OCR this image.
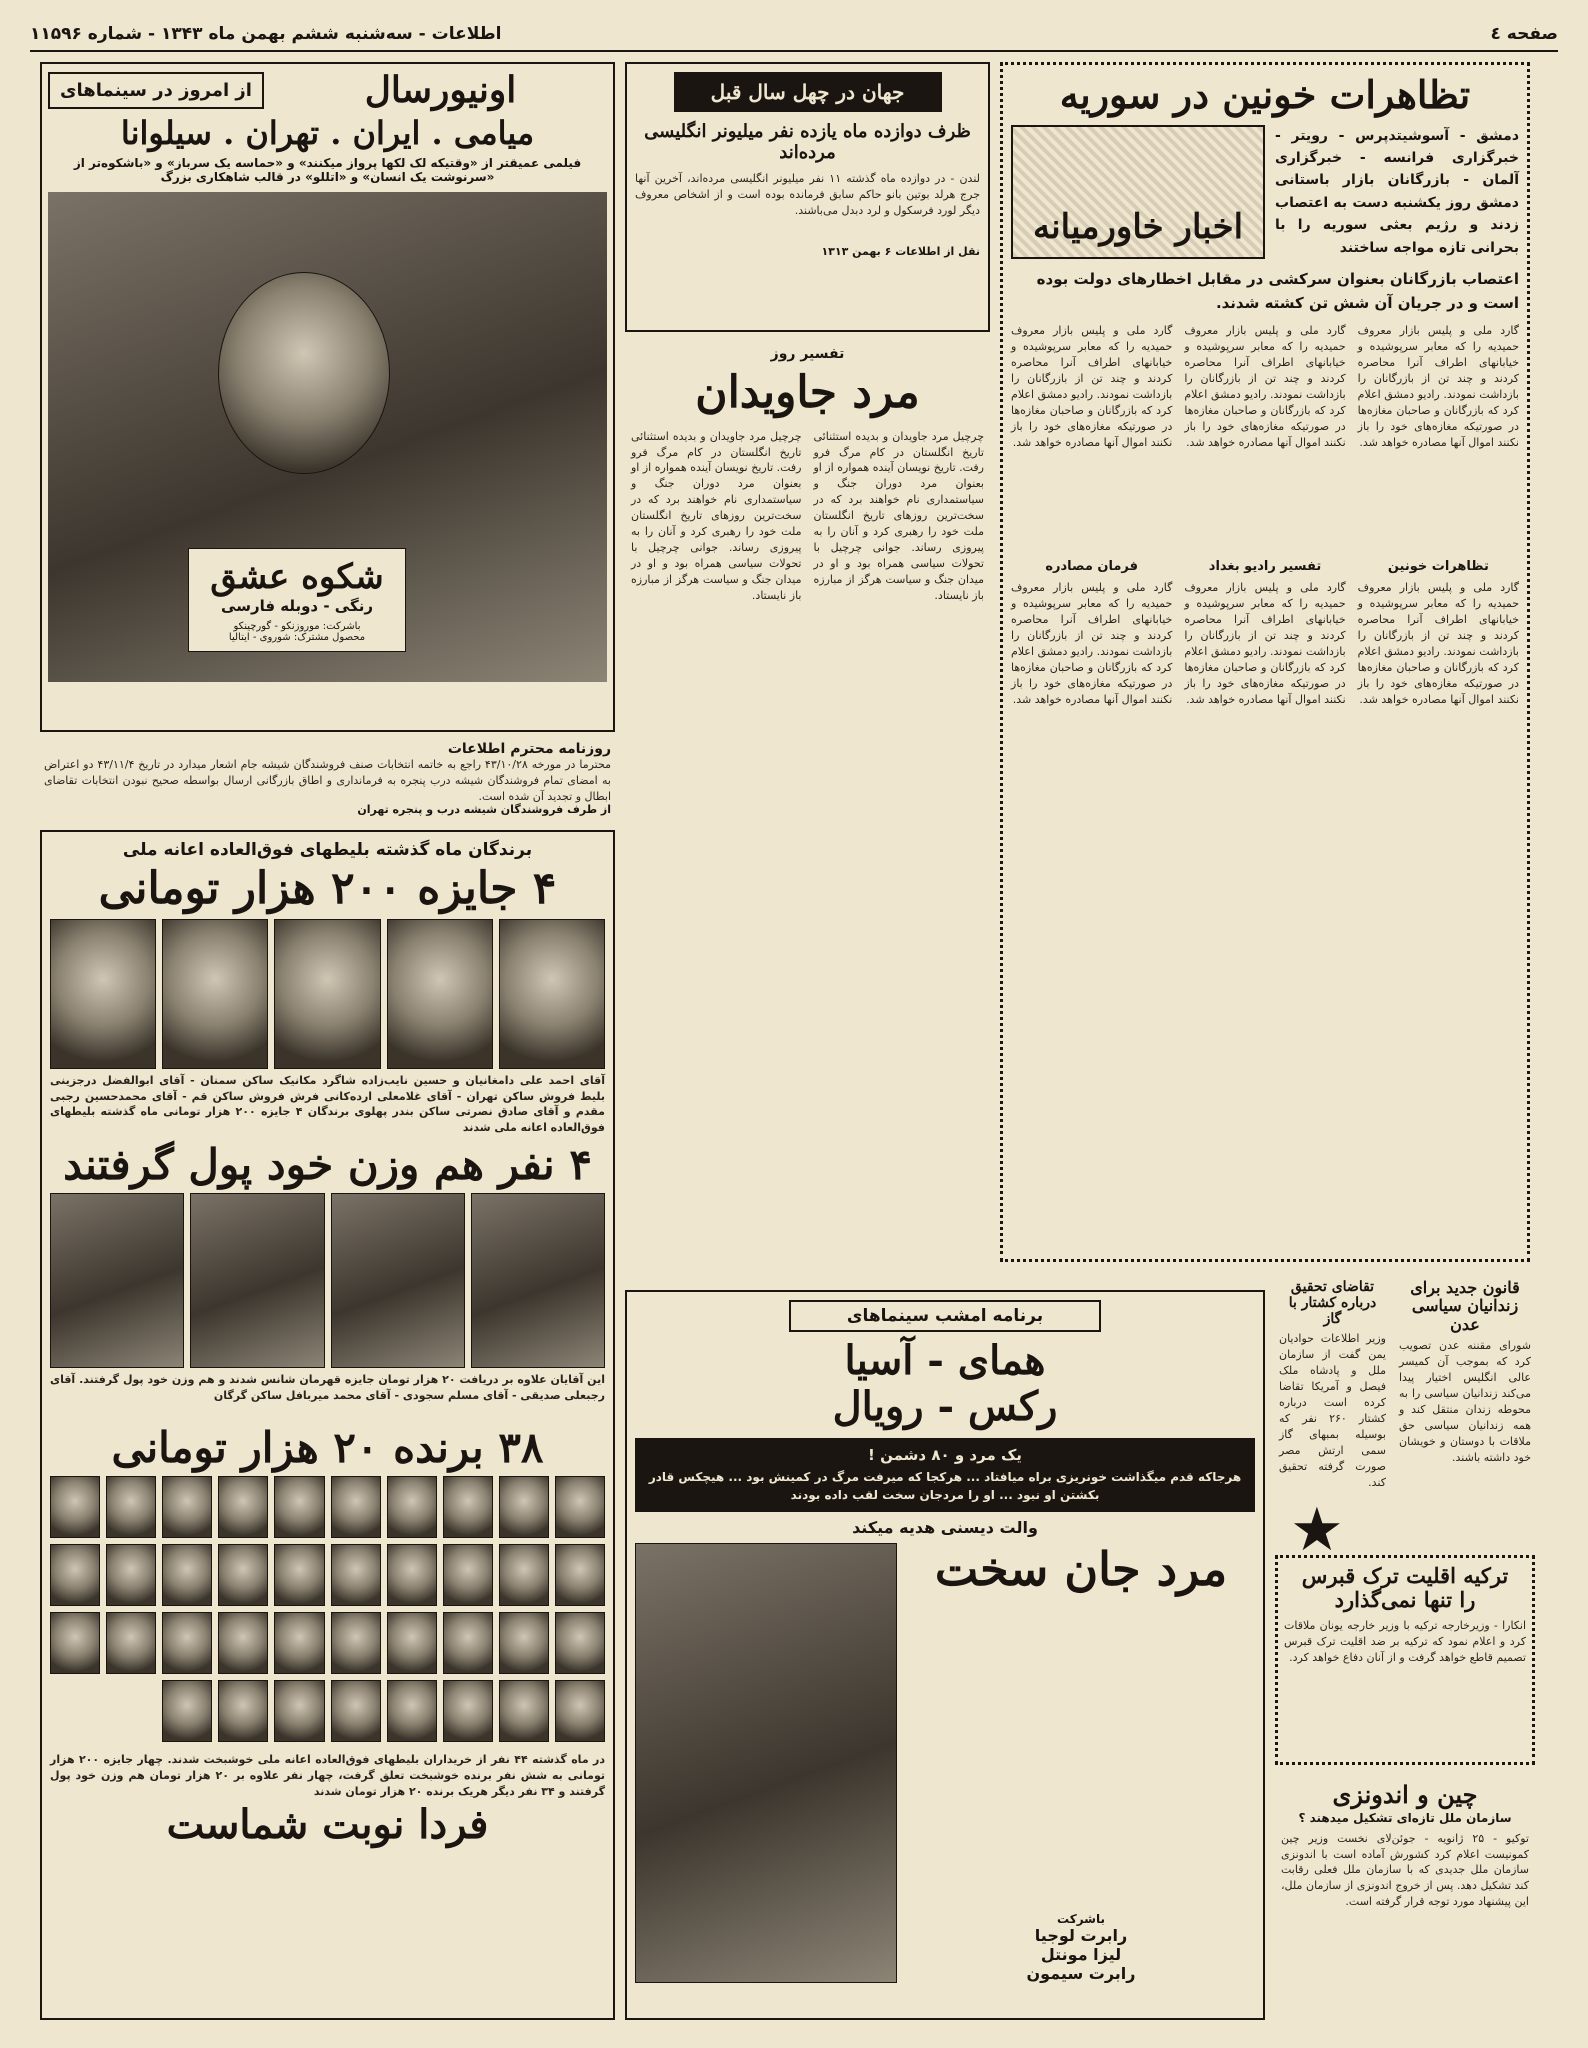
صفحه ٤
اطلاعات - سه‌شنبه ششم بهمن ماه ۱۳۴۳ - شماره ۱۱۵۹۶
تظاهرات خونین در سوریه
دمشق - آسوشیتدپرس - رویتر - خبرگزاری فرانسه - خبرگزاری آلمان - بازرگانان بازار باستانی دمشق روز یکشنبه دست به اعتصاب زدند و رژیم بعثی سوریه را با بحرانی تازه مواجه ساختند
اخبار خاورمیانه
اعتصاب بازرگانان بعنوان سرکشی در مقابل اخطارهای دولت بوده است و در جریان آن شش تن کشته شدند.
گارد ملی و پلیس بازار معروف حمیدیه را که معابر سرپوشیده و خیابانهای اطراف آنرا محاصره کردند و چند تن از بازرگانان را بازداشت نمودند. رادیو دمشق اعلام کرد که بازرگانان و صاحبان مغازه‌ها در صورتیکه مغازه‌های خود را باز نکنند اموال آنها مصادره خواهد شد.
تظاهرات خونین
گارد ملی و پلیس بازار معروف حمیدیه را که معابر سرپوشیده و خیابانهای اطراف آنرا محاصره کردند و چند تن از بازرگانان را بازداشت نمودند. رادیو دمشق اعلام کرد که بازرگانان و صاحبان مغازه‌ها در صورتیکه مغازه‌های خود را باز نکنند اموال آنها مصادره خواهد شد.
گارد ملی و پلیس بازار معروف حمیدیه را که معابر سرپوشیده و خیابانهای اطراف آنرا محاصره کردند و چند تن از بازرگانان را بازداشت نمودند. رادیو دمشق اعلام کرد که بازرگانان و صاحبان مغازه‌ها در صورتیکه مغازه‌های خود را باز نکنند اموال آنها مصادره خواهد شد.
تفسیر رادیو بغداد
گارد ملی و پلیس بازار معروف حمیدیه را که معابر سرپوشیده و خیابانهای اطراف آنرا محاصره کردند و چند تن از بازرگانان را بازداشت نمودند. رادیو دمشق اعلام کرد که بازرگانان و صاحبان مغازه‌ها در صورتیکه مغازه‌های خود را باز نکنند اموال آنها مصادره خواهد شد.
گارد ملی و پلیس بازار معروف حمیدیه را که معابر سرپوشیده و خیابانهای اطراف آنرا محاصره کردند و چند تن از بازرگانان را بازداشت نمودند. رادیو دمشق اعلام کرد که بازرگانان و صاحبان مغازه‌ها در صورتیکه مغازه‌های خود را باز نکنند اموال آنها مصادره خواهد شد.
فرمان مصادره
گارد ملی و پلیس بازار معروف حمیدیه را که معابر سرپوشیده و خیابانهای اطراف آنرا محاصره کردند و چند تن از بازرگانان را بازداشت نمودند. رادیو دمشق اعلام کرد که بازرگانان و صاحبان مغازه‌ها در صورتیکه مغازه‌های خود را باز نکنند اموال آنها مصادره خواهد شد.
جهان در چهل سال قبل
ظرف دوازده ماه یازده نفر میلیونر انگلیسی مرده‌اند
لندن - در دوازده ماه گذشته ۱۱ نفر میلیونر انگلیسی مرده‌اند، آخرین آنها جرج هرلد بوتین بانو حاکم سابق فرمانده بوده است و از اشخاص معروف دیگر لورد فرسکول و لرد دبدل می‌باشند.
نقل از اطلاعات ۶ بهمن ۱۳۱۳
تفسیر روز
مرد جاویدان
چرچیل مرد جاویدان و بدیده استثنائی تاریخ انگلستان در کام مرگ فرو رفت. تاریخ نویسان آینده همواره از او بعنوان مرد دوران جنگ و سیاستمداری نام خواهند برد که در سخت‌ترین روزهای تاریخ انگلستان ملت خود را رهبری کرد و آنان را به پیروزی رساند. جوانی چرچیل با تحولات سیاسی همراه بود و او در میدان جنگ و سیاست هرگز از مبارزه باز نایستاد.
چرچیل مرد جاویدان و بدیده استثنائی تاریخ انگلستان در کام مرگ فرو رفت. تاریخ نویسان آینده همواره از او بعنوان مرد دوران جنگ و سیاستمداری نام خواهند برد که در سخت‌ترین روزهای تاریخ انگلستان ملت خود را رهبری کرد و آنان را به پیروزی رساند. جوانی چرچیل با تحولات سیاسی همراه بود و او در میدان جنگ و سیاست هرگز از مبارزه باز نایستاد.
اونیورسال
از امروز در سینماهای
میامی . ایران . تهران . سیلوانا
فیلمی عمیقتر از «وقتیکه لک لکها پرواز میکنند» و «حماسه یک سرباز» و «باشکوه‌تر از
«سرنوشت یک انسان» و «اتللو» در قالب شاهکاری بزرگ
شکوه عشق
رنگی - دوبله فارسی
باشرکت: موروزنکو - گورچینکو
محصول مشترک: شوروی - ایتالیا
روزنامه محترم اطلاعات
محترما در مورخه ۴۳/۱۰/۲۸ راجع به خاتمه انتخابات صنف فروشندگان شیشه جام اشعار میدارد در تاریخ ۴۳/۱۱/۴ دو اعتراض به امضای تمام فروشندگان شیشه درب پنجره به فرمانداری و اطاق بازرگانی ارسال بواسطه صحیح نبودن انتخابات تقاضای ابطال و تجدید آن شده است.
از طرف فروشندگان شیشه درب و پنجره تهران
برندگان ماه گذشته بلیطهای فوق‌العاده اعانه ملی
۴ جایزه ۲۰۰ هزار تومانی
آقای احمد علی دامغانیان و حسین نایب‌زاده شاگرد مکانیک ساکن سمنان - آقای ابوالفضل درجزینی بلیط فروش ساکن تهران - آقای غلامعلی ارده‌کانی فرش فروش ساکن قم - آقای محمدحسین رجبی مقدم و آقای صادق نصرتی ساکن بندر پهلوی برندگان ۴ جایزه ۲۰۰ هزار تومانی ماه گذشته بلیطهای فوق‌العاده اعانه ملی شدند
۴ نفر هم وزن خود پول گرفتند
این آقایان علاوه بر دریافت ۲۰ هزار تومان جایزه قهرمان شانس شدند و هم وزن خود پول گرفتند. آقای رجبعلی صدیقی - آقای مسلم سجودی - آقای محمد میربافل ساکن گرگان
۳۸ برنده ۲۰ هزار تومانی
در ماه گذشته ۴۴ نفر از خریداران بلیطهای فوق‌العاده اعانه ملی خوشبخت شدند. چهار جایزه ۲۰۰ هزار تومانی به شش نفر برنده خوشبخت تعلق گرفت، چهار نفر علاوه بر ۲۰ هزار تومان هم وزن خود پول گرفتند و ۳۴ نفر دیگر هریک برنده ۲۰ هزار تومان شدند
فردا نوبت شماست
برنامه امشب سینماهای
همای - آسیا
رکس - رویال
یک مرد و ۸۰ دشمن !
هرجاکه قدم میگذاشت خونریزی براه میافتاد ... هرکجا که میرفت مرگ در کمینش بود ... هیچکس قادر بکشتن او نبود ... او را مردجان سخت لقب داده بودند
والت دیسنی هدیه میکند
مرد جان سخت
باشرکت
رابرت لوجیا
لیزا مونتل
رابرت سیمون
قانون جدید برای زندانیان سیاسی عدن
شورای مقننه عدن تصویب کرد که بموجب آن کمیسر عالی انگلیس اختیار پیدا می‌کند زندانیان سیاسی را به محوطه زندان منتقل کند و همه زندانیان سیاسی حق ملاقات با دوستان و خویشان خود داشته باشند.
تقاضای تحقیق درباره کشتار با گاز
وزیر اطلاعات حوادیان یمن گفت از سازمان ملل و پادشاه ملک فیصل و آمریکا تقاضا کرده است درباره کشتار ۲۶۰ نفر که بوسیله بمبهای گاز سمی ارتش مصر صورت گرفته تحقیق کند.
★
ترکیه اقلیت ترک قبرس
را تنها نمی‌گذارد
انکارا - وزیرخارجه ترکیه با وزیر خارجه یونان ملاقات کرد و اعلام نمود که ترکیه بر ضد اقلیت ترک قبرس تصمیم قاطع خواهد گرفت و از آنان دفاع خواهد کرد.
چین و اندونزی
سازمان ملل تازه‌ای تشکیل میدهند ؟
توکیو - ۲۵ ژانویه - جوئن‌لای نخست وزیر چین کمونیست اعلام کرد کشورش آماده است با اندونزی سازمان ملل جدیدی که با سازمان ملل فعلی رقابت کند تشکیل دهد. پس از خروج اندونزی از سازمان ملل، این پیشنهاد مورد توجه قرار گرفته است.
